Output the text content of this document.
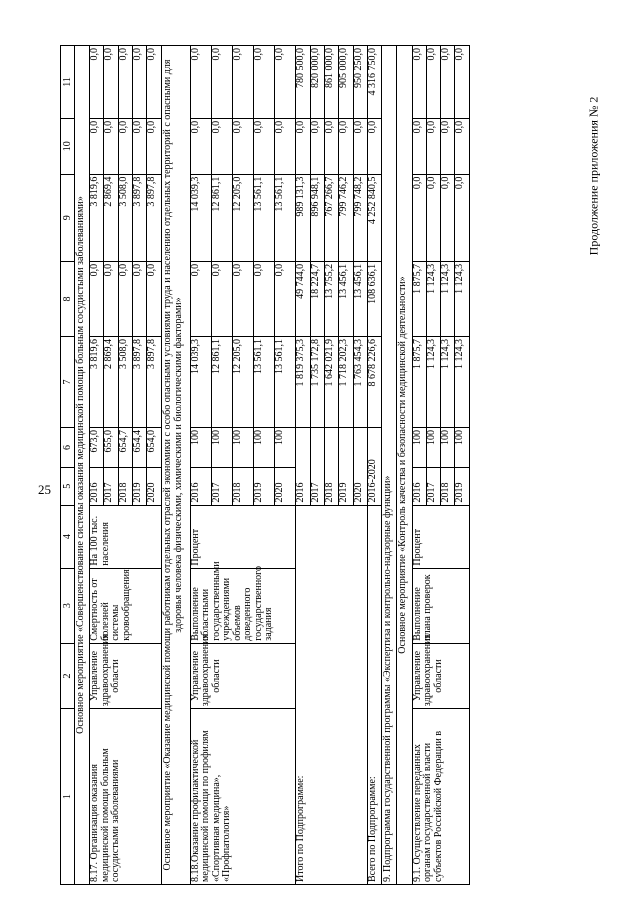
25
Продолжение приложения № 2
1	2	3	4	5	6	7	8	9	10	11
Основное мероприятие «Совершенствование системы оказания медицинской помощи больным сосудистыми заболеваниями»										
8.17. Организация оказания медицинской помощи больным сосудистыми заболеваниями	Управление здравоохранения области	Смертность от болезней системы кровообращения	На 100 тыс. населения	2016	673,0	3 819,6	0,0	3 819,6	0,0	0,0
				2017	655,0	2 869,4	0,0	2 869,4	0,0	0,0
				2018	654,7	3 508,0	0,0	3 508,0	0,0	0,0
				2019	654,4	3 897,8	0,0	3 897,8	0,0	0,0
				2020	654,0	3 897,8	0,0	3 897,8	0,0	0,0
Основное мероприятие «Оказание медицинской помощи работникам отдельных отраслей экономики с особо опасными условиями труда и населению отдельных территорий с опасными для здоровья человека физическими, химическими и биологическими факторами»										
8.18.Оказание профилактической медицинской помощи по профилям «Спортивная медицина», «Профпатология»	Управление здравоохранения области	Выполнение областными государственными учреждениями объемов доведенного государственного задания	Процент	2016	100	14 039,3	0,0	14 039,3	0,0	0,0
				2017	100	12 861,1	0,0	12 861,1	0,0	0,0
				2018	100	12 205,0	0,0	12 205,0	0,0	0,0
				2019	100	13 561,1	0,0	13 561,1	0,0	0,0
				2020	100	13 561,1	0,0	13 561,1	0,0	0,0
Итого по Подпрограмме:				2016		1 819 375,3	49 744,0	989 131,3	0,0	780 500,0
				2017		1 735 172,8	18 224,7	896 948,1	0,0	820 000,0
				2018		1 642 021,9	13 755,2	767 266,7	0,0	861 000,0
				2019		1 718 202,3	13 456,1	799 746,2	0,0	905 000,0
				2020		1 763 454,3	13 456,1	799 748,2	0,0	950 250,0
Всего по Подпрограмме:				2016-2020		8 678 226,6	108 636,1	4 252 840,5	0,0	4 316 750,0
9. Подпрограмма государственной программы «Экспертиза и контрольно-надзорные функции»										
Основное мероприятие «Контроль качества и безопасности медицинской деятельности»										
9.1. Осуществление переданных органам государственной власти субъектов Российской Федерации в	Управление здравоохранения области	Выполнение плана проверок	Процент	2016	100	1 875,7	1 875,7	0,0	0,0	0,0
				2017	100	1 124,3	1 124,3	0,0	0,0	0,0
				2018	100	1 124,3	1 124,3	0,0	0,0	0,0
				2019	100	1 124,3	1 124,3	0,0	0,0	0,0
